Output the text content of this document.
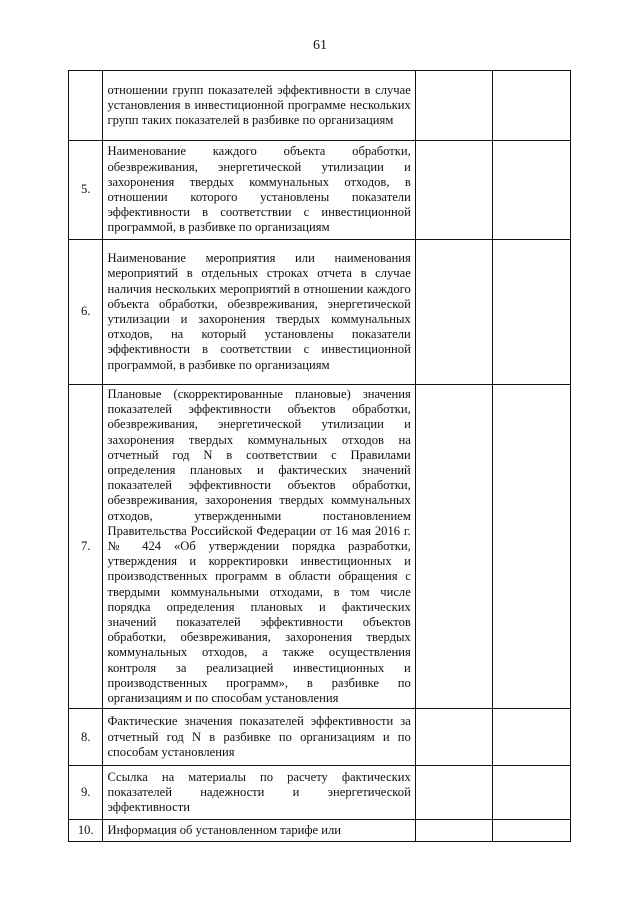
61
	отношении групп показателей эффективности в случае установления в инвестиционной программе нескольких групп таких показателей в разбивке по организациям		
5.	Наименование каждого объекта обработки, обезвреживания, энергетической утилизации и захоронения твердых коммунальных отходов, в отношении которого установлены показатели эффективности в соответствии с инвестиционной программой, в разбивке по организациям		
6.	Наименование мероприятия или наименования мероприятий в отдельных строках отчета в случае наличия нескольких мероприятий в отношении каждого объекта обработки, обезвреживания, энергетической утилизации и захоронения твердых коммунальных отходов, на который установлены показатели эффективности в соответствии с инвестиционной программой, в разбивке по организациям		
7.	Плановые (скорректированные плановые) значения показателей эффективности объектов обработки, обезвреживания, энергетической утилизации и захоронения твердых коммунальных отходов на отчетный год N в соответствии с Правилами определения плановых и фактических значений показателей эффективности объектов обработки, обезвреживания, захоронения твердых коммунальных отходов, утвержденными постановлением Правительства Российской Федерации от 16 мая 2016 г. № 424 «Об утверждении порядка разработки, утверждения и корректировки инвестиционных и производственных программ в области обращения с твердыми коммунальными отходами, в том числе порядка определения плановых и фактических значений показателей эффективности объектов обработки, обезвреживания, захоронения твердых коммунальных отходов, а также осуществления контроля за реализацией инвестиционных и производственных программ», в разбивке по организациям и по способам установления		
8.	Фактические значения показателей эффективности за отчетный год N в разбивке по организациям и по способам установления		
9.	Ссылка на материалы по расчету фактических показателей надежности и энергетической эффективности		
10.	Информация об установленном тарифе или		
